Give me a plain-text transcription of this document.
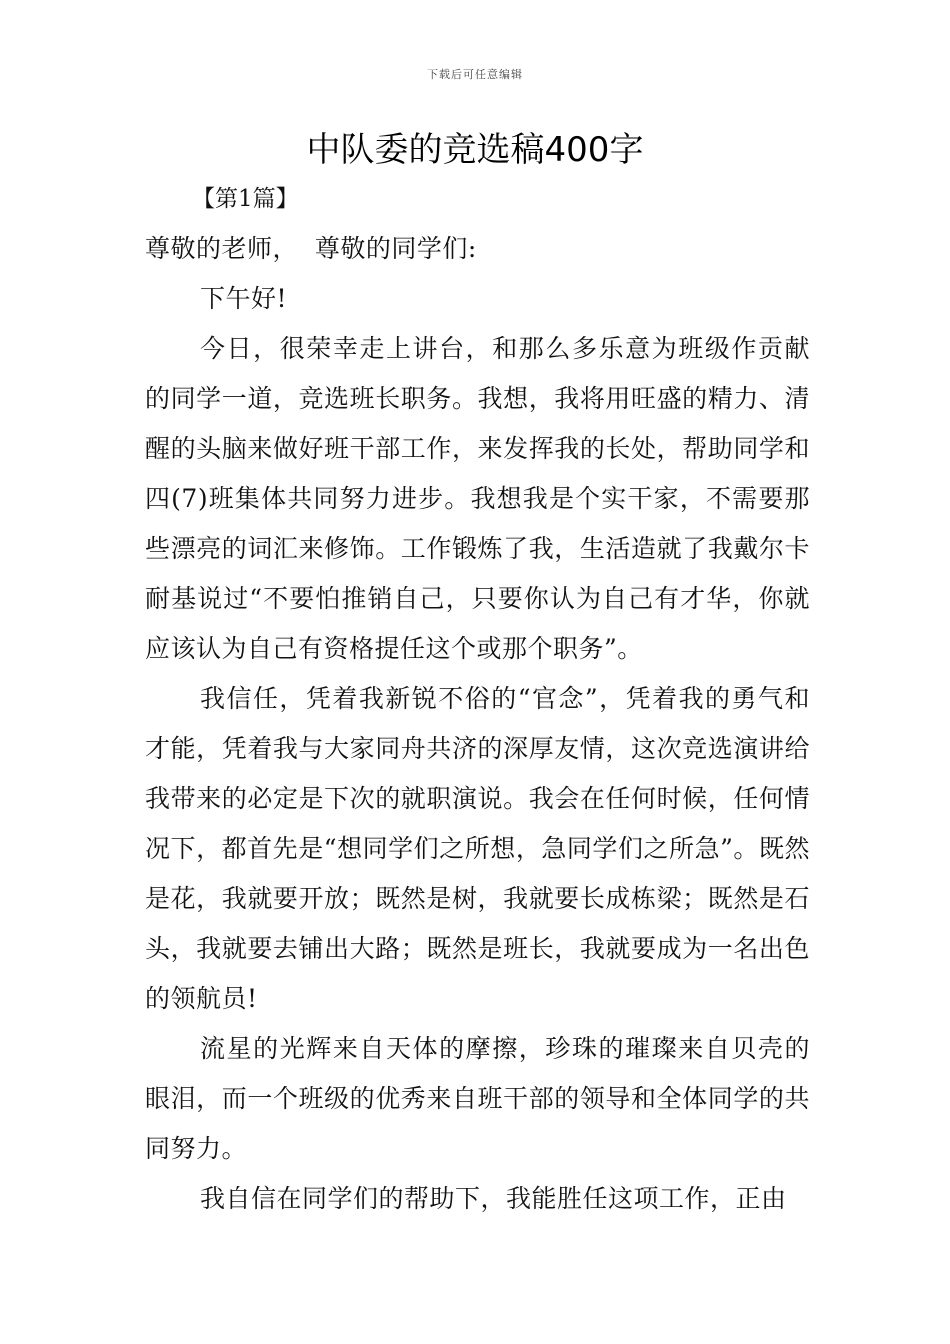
下载后可任意编辑
中队委的竞选稿400字
【第1篇】

尊敬的老师，  尊敬的同学们:

下午好!

今日，很荣幸走上讲台，和那么多乐意为班级作贡献的同学一道，竞选班长职务。我想，我将用旺盛的精力、清醒的头脑来做好班干部工作，来发挥我的长处，帮助同学和四(7)班集体共同努力进步。我想我是个实干家，不需要那些漂亮的词汇来修饰。工作锻炼了我，生活造就了我戴尔卡耐基说过“不要怕推销自己，只要你认为自己有才华，你就应该认为自己有资格提任这个或那个职务”。

我信任，凭着我新锐不俗的“官念”，凭着我的勇气和才能，凭着我与大家同舟共济的深厚友情，这次竞选演讲给我带来的必定是下次的就职演说。我会在任何时候，任何情况下，都首先是“想同学们之所想，急同学们之所急”。既然是花，我就要开放；既然是树，我就要长成栋梁；既然是石头，我就要去铺出大路；既然是班长，我就要成为一名出色的领航员!

流星的光辉来自天体的摩擦，珍珠的璀璨来自贝壳的眼泪，而一个班级的优秀来自班干部的领导和全体同学的共同努力。

我自信在同学们的帮助下，我能胜任这项工作，正由
